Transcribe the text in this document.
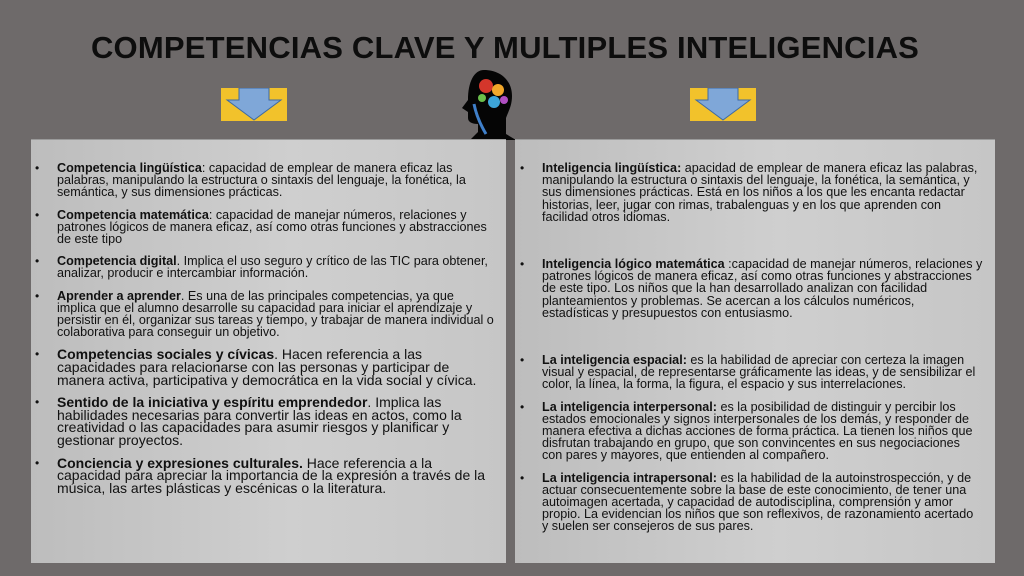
COMPETENCIAS CLAVE Y MULTIPLES INTELIGENCIAS
• Competencia lingüística: capacidad de emplear de manera eficaz las palabras, manipulando la estructura o sintaxis del lenguaje, la fonética, la semántica, y sus dimensiones prácticas.
• Competencia matemática: capacidad de manejar números, relaciones y patrones lógicos de manera eficaz, así como otras funciones y abstracciones de este tipo
• Competencia digital. Implica el uso seguro y crítico de las TIC para obtener, analizar, producir e intercambiar información.
• Aprender a aprender. Es una de las principales competencias, ya que implica que el alumno desarrolle su capacidad para iniciar el aprendizaje y persistir en él, organizar sus tareas y tiempo, y trabajar de manera individual o colaborativa para conseguir un objetivo.
• Competencias sociales y cívicas. Hacen referencia a las capacidades para relacionarse con las personas y participar de manera activa, participativa y democrática en la vida social y cívica.
• Sentido de la iniciativa y espíritu emprendedor. Implica las habilidades necesarias para convertir las ideas en actos, como la creatividad o las capacidades para asumir riesgos y planificar y gestionar proyectos.
• Conciencia y expresiones culturales. Hace referencia a la capacidad para apreciar la importancia de la expresión a través de la música, las artes plásticas y escénicas o la literatura.
• Inteligencia lingüística: apacidad de emplear de manera eficaz las palabras, manipulando la estructura o sintaxis del lenguaje, la fonética, la semántica, y sus dimensiones prácticas. Está en los niños a los que les encanta redactar historias, leer, jugar con rimas, trabalenguas y en los que aprenden con facilidad otros idiomas.
• Inteligencia lógico matemática :capacidad de manejar números, relaciones y patrones lógicos de manera eficaz, así como otras funciones y abstracciones de este tipo. Los niños que la han desarrollado analizan con facilidad planteamientos y problemas. Se acercan a los cálculos numéricos, estadísticas y presupuestos con entusiasmo.
• La inteligencia espacial: es la habilidad de apreciar con certeza la imagen visual y espacial, de representarse gráficamente las ideas, y de sensibilizar el color, la línea, la forma, la figura, el espacio y sus interrelaciones.
• La inteligencia interpersonal: es la posibilidad de distinguir y percibir los estados emocionales y signos interpersonales de los demás, y responder de manera efectiva a dichas acciones de forma práctica. La tienen los niños que disfrutan trabajando en grupo, que son convincentes en sus negociaciones con pares y mayores, que entienden al compañero.
• La inteligencia intrapersonal: es la habilidad de la autoinstrospección, y de actuar consecuentemente sobre la base de este conocimiento, de tener una autoimagen acertada, y capacidad de autodisciplina, comprensión y amor propio. La evidencian los niños que son reflexivos, de razonamiento acertado y suelen ser consejeros de sus pares.
